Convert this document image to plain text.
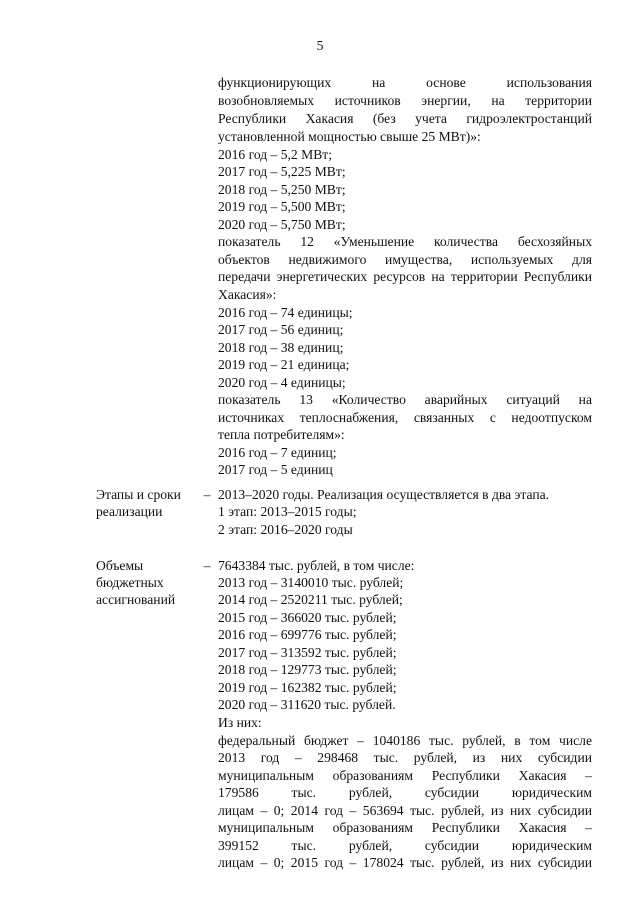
5
функционирующих на основе использования
возобновляемых источников энергии, на территории
Республики Хакасия (без учета гидроэлектростанций
установленной мощностью свыше 25 МВт)»:
2016 год – 5,2 МВт;
2017 год – 5,225 МВт;
2018 год – 5,250 МВт;
2019 год – 5,500 МВт;
2020 год – 5,750 МВт;
показатель 12 «Уменьшение количества бесхозяйных
объектов недвижимого имущества, используемых для
передачи энергетических ресурсов на территории Республики
Хакасия»:
2016 год – 74 единицы;
2017 год – 56 единиц;
2018 год – 38 единиц;
2019 год – 21 единица;
2020 год – 4 единицы;
показатель 13 «Количество аварийных ситуаций на
источниках теплоснабжения, связанных с недоотпуском
тепла потребителям»:
2016 год – 7 единиц;
2017 год – 5 единиц
Этапы и сроки
реализации
– 2013–2020 годы. Реализация осуществляется в два этапа.
1 этап: 2013–2015 годы;
2 этап: 2016–2020 годы
Объемы
бюджетных
ассигнований
– 7643384 тыс. рублей, в том числе:
2013 год – 3140010 тыс. рублей;
2014 год – 2520211 тыс. рублей;
2015 год – 366020 тыс. рублей;
2016 год – 699776 тыс. рублей;
2017 год – 313592 тыс. рублей;
2018 год – 129773 тыс. рублей;
2019 год – 162382 тыс. рублей;
2020 год – 311620 тыс. рублей.
Из них:
федеральный бюджет – 1040186 тыс. рублей, в том числе
2013 год – 298468 тыс. рублей, из них субсидии
муниципальным образованиям Республики Хакасия –
179586 тыс. рублей, субсидии юридическим
лицам – 0; 2014 год – 563694 тыс. рублей, из них субсидии
муниципальным образованиям Республики Хакасия –
399152 тыс. рублей, субсидии юридическим
лицам – 0; 2015 год – 178024 тыс. рублей, из них субсидии
